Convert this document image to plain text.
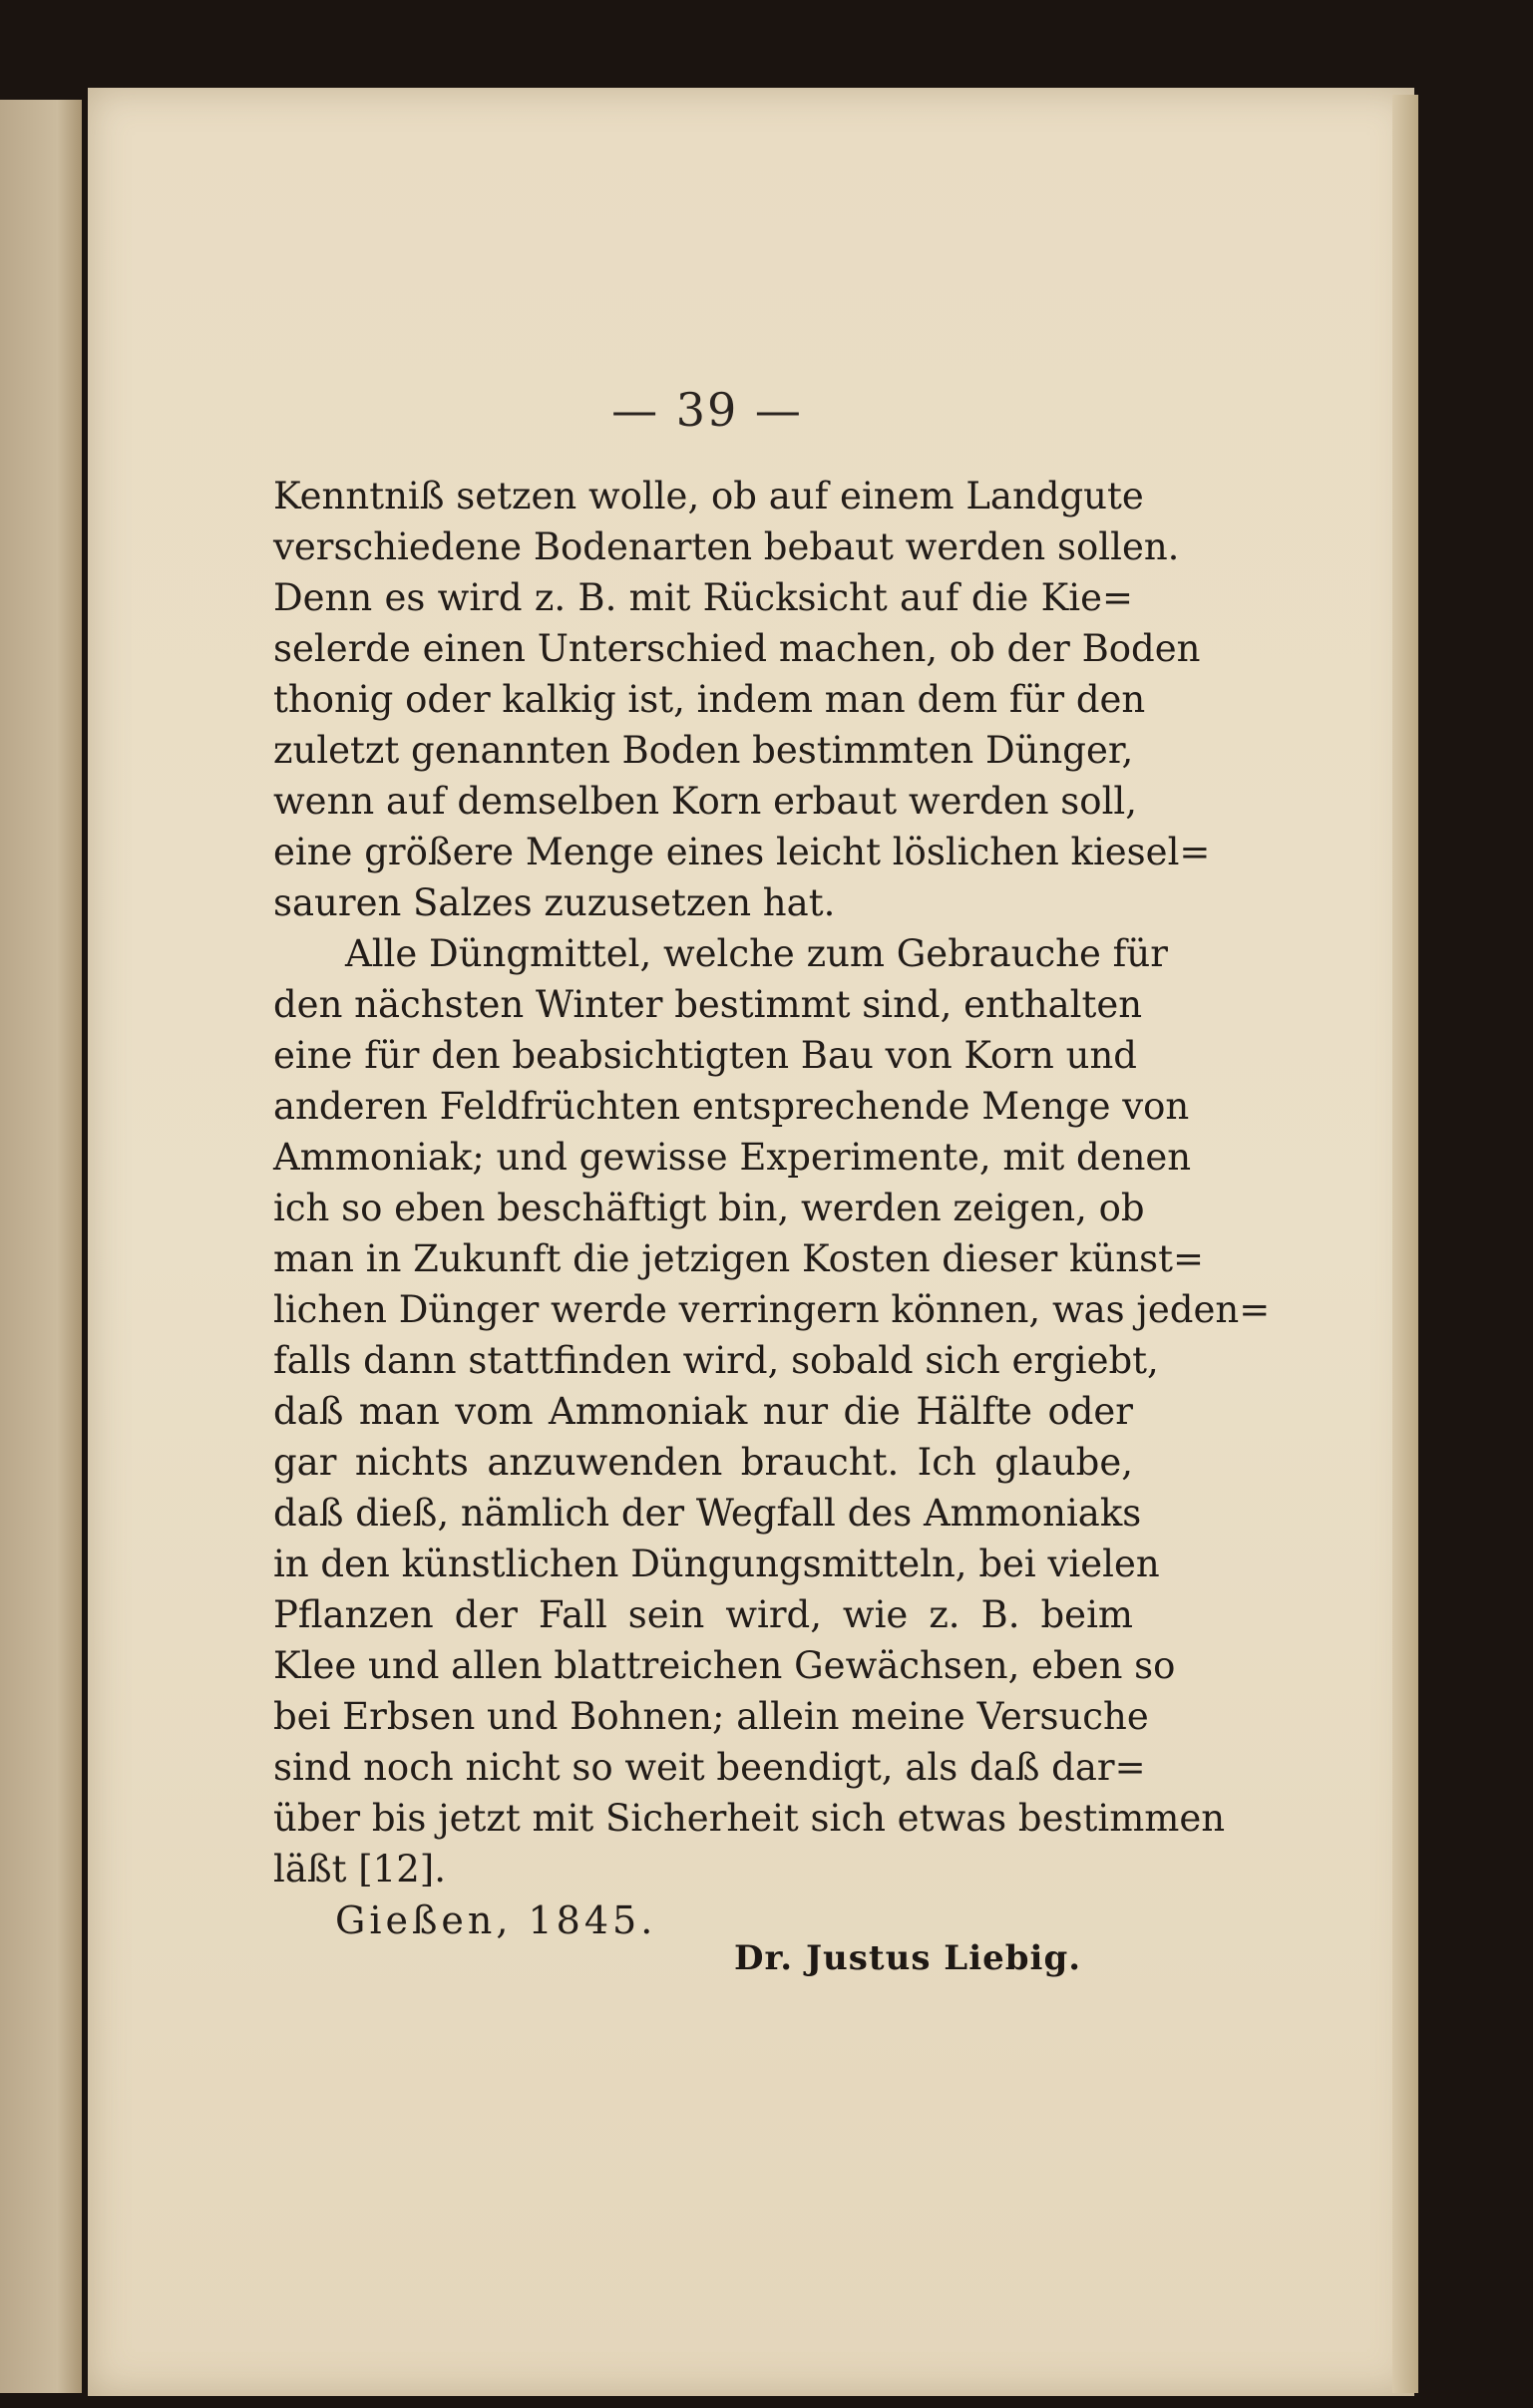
— 39 —
Kenntniß setzen wolle, ob auf einem Landgute
verschiedene Bodenarten bebaut werden sollen.
Denn es wird z. B. mit Rücksicht auf die Kie=
selerde einen Unterschied machen, ob der Boden
thonig oder kalkig ist, indem man dem für den
zuletzt genannten Boden bestimmten Dünger,
wenn auf demselben Korn erbaut werden soll,
eine größere Menge eines leicht löslichen kiesel=
sauren Salzes zuzusetzen hat.
Alle Düngmittel, welche zum Gebrauche für
den nächsten Winter bestimmt sind, enthalten
eine für den beabsichtigten Bau von Korn und
anderen Feldfrüchten entsprechende Menge von
Ammoniak; und gewisse Experimente, mit denen
ich so eben beschäftigt bin, werden zeigen, ob
man in Zukunft die jetzigen Kosten dieser künst=
lichen Dünger werde verringern können, was jeden=
falls dann stattfinden wird, sobald sich ergiebt,
daß man vom Ammoniak nur die Hälfte oder
gar nichts anzuwenden braucht. Ich glaube,
daß dieß, nämlich der Wegfall des Ammoniaks
in den künstlichen Düngungsmitteln, bei vielen
Pflanzen der Fall sein wird, wie z. B. beim
Klee und allen blattreichen Gewächsen, eben so
bei Erbsen und Bohnen; allein meine Versuche
sind noch nicht so weit beendigt, als daß dar=
über bis jetzt mit Sicherheit sich etwas bestimmen
läßt [12].
Gießen, 1845.
Dr. Justus Liebig.
